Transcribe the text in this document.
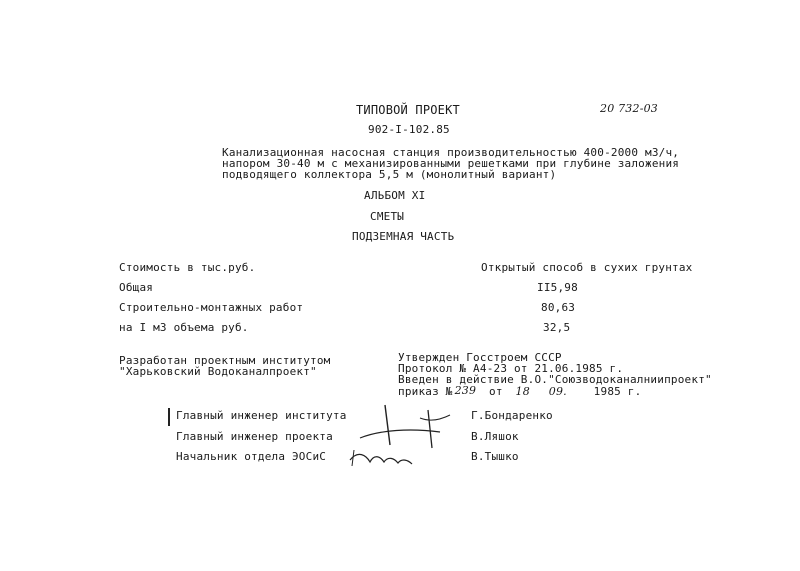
ТИПОВОЙ ПРОЕКТ	20 732-03
902-I-102.85
Канализационная насосная станция производительностью 400-2000 м3/ч,
напором 30-40 м с механизированными решетками при глубине заложения
подводящего коллектора 5,5 м (монолитный вариант)
АЛЬБОМ XI
СМЕТЫ
ПОДЗЕМНАЯ ЧАСТЬ
Стоимость в тыс.руб.	Открытый способ в сухих грунтах
Общая	II5,98
Строительно-монтажных работ	80,63
на I м3 объема руб.	32,5
Разработан проектным институтом
"Харьковский Водоканалпроект"
Утвержден Госстроем СССР
Протокол № А4-23 от 21.06.1985 г.
Введен в действие В.О."Союзводоканалниипроект"
приказ № 239 от 18 09. 1985 г.
Главный инженер института	Г.Бондаренко
Главный инженер проекта	В.Ляшок
Начальник отдела ЭОСиС	В.Тышко
